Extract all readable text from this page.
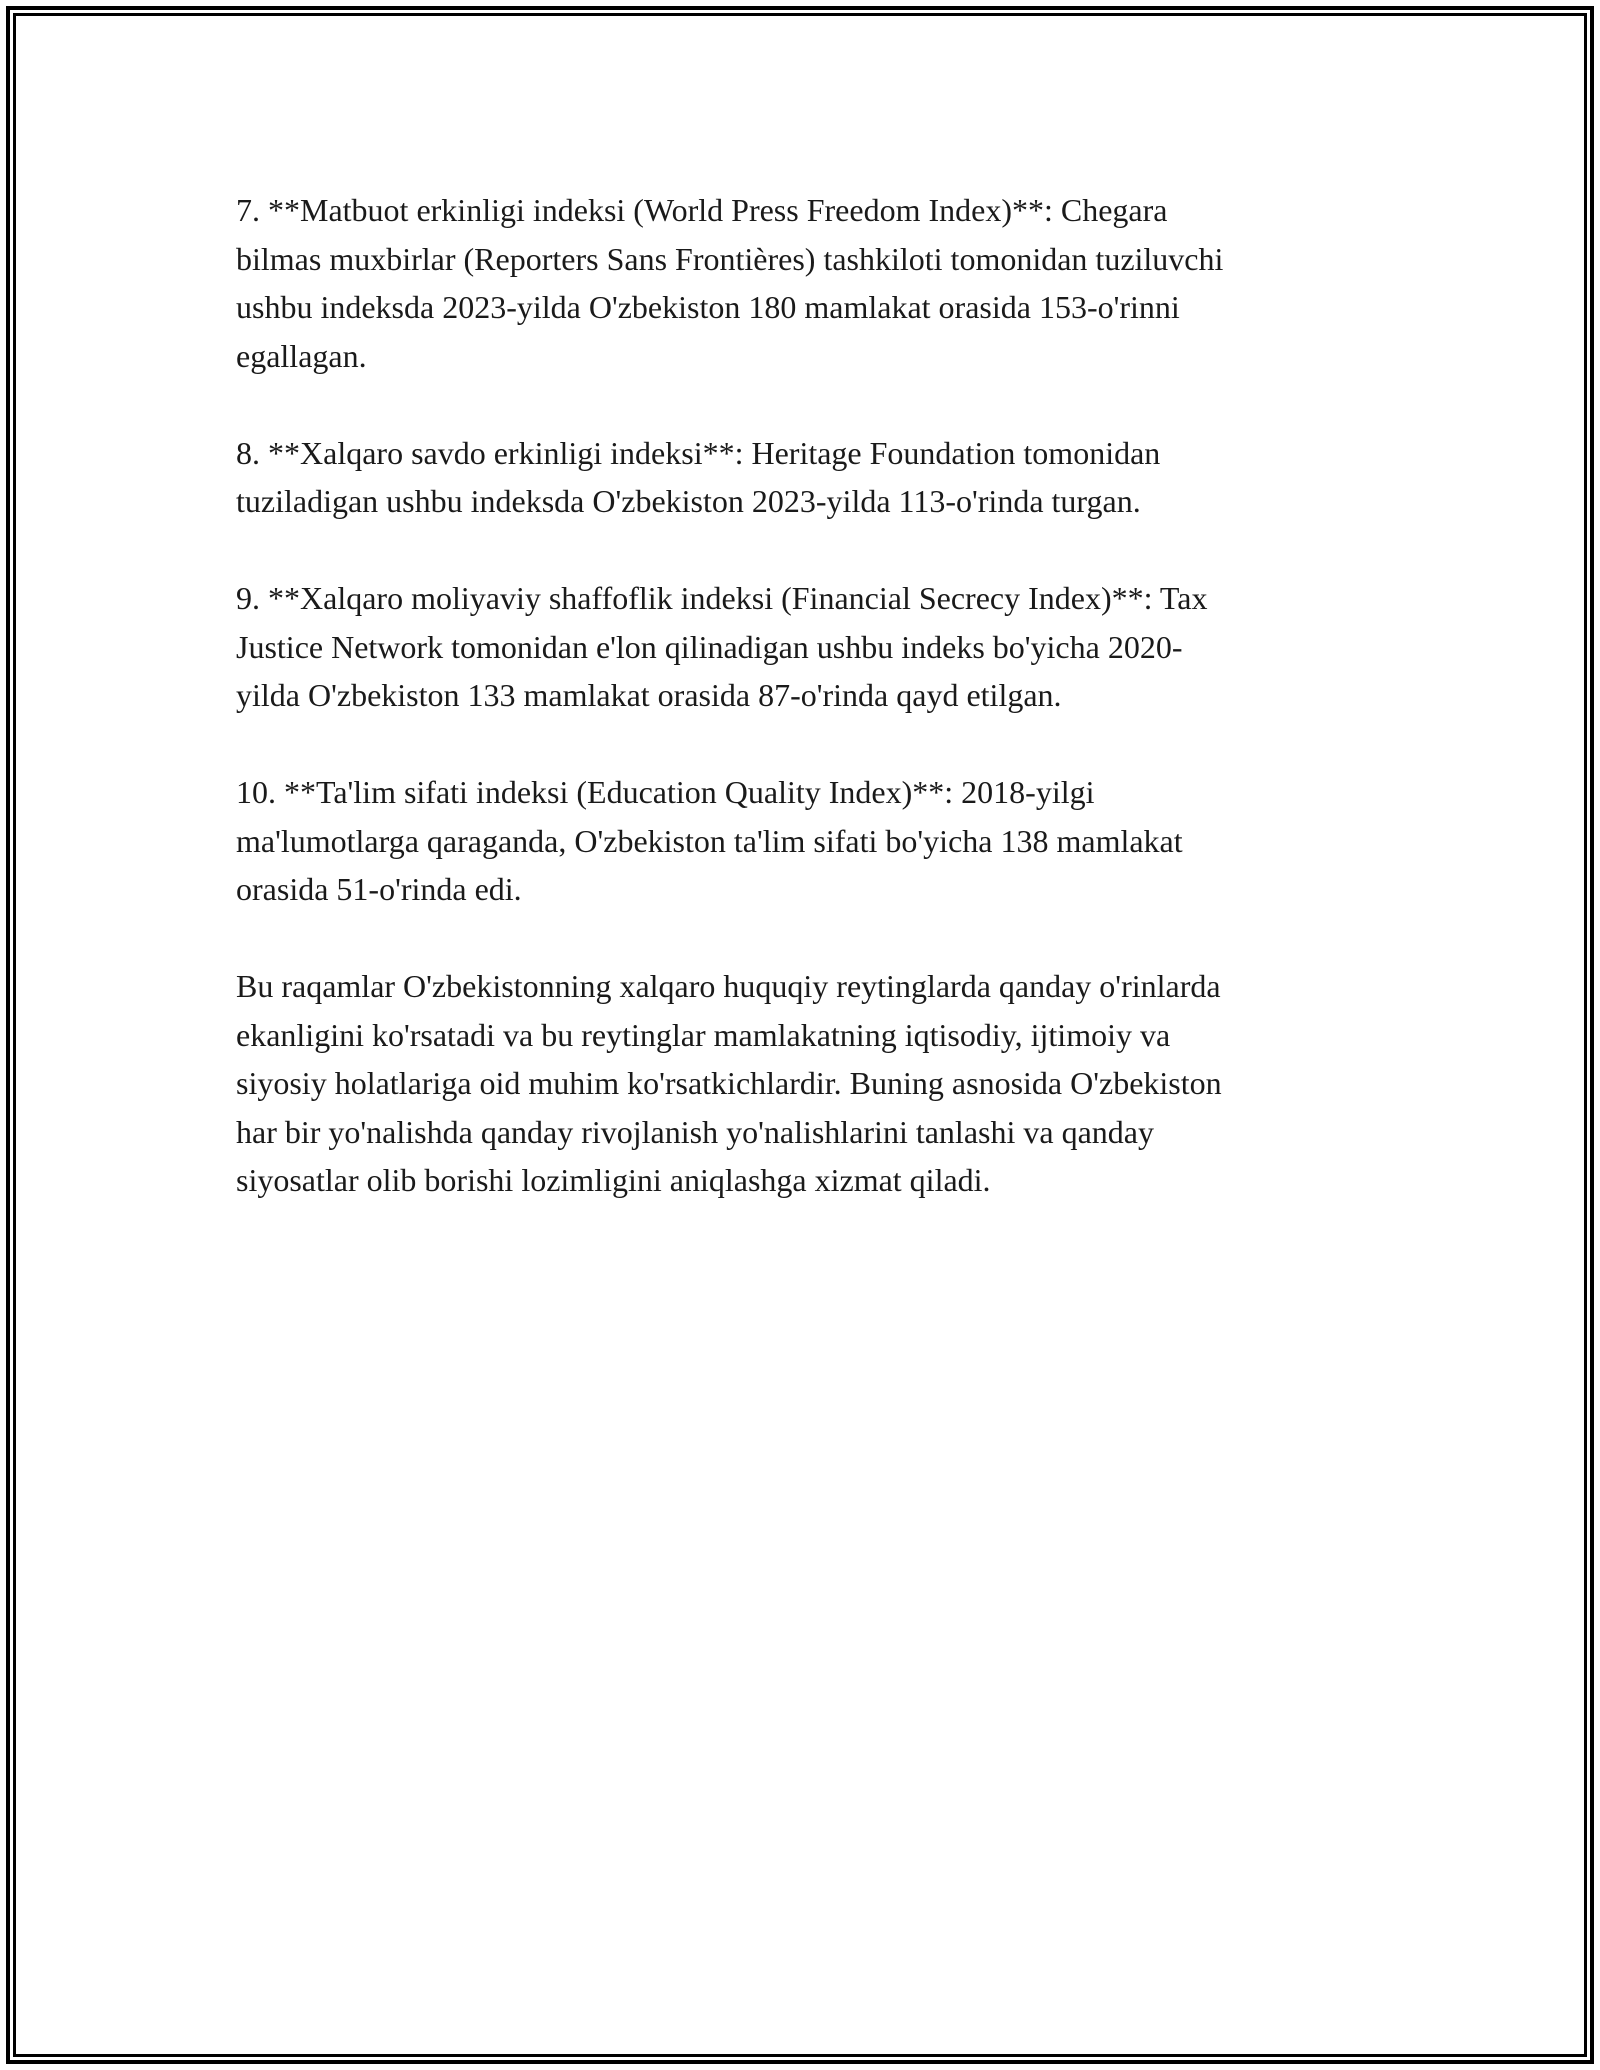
7. **Matbuot erkinligi indeksi (World Press Freedom Index)**: Chegara
bilmas muxbirlar (Reporters Sans Frontières) tashkiloti tomonidan tuziluvchi
ushbu indeksda 2023-yilda O'zbekiston 180 mamlakat orasida 153-o'rinni
egallagan.

8. **Xalqaro savdo erkinligi indeksi**: Heritage Foundation tomonidan
tuziladigan ushbu indeksda O'zbekiston 2023-yilda 113-o'rinda turgan.

9. **Xalqaro moliyaviy shaffoflik indeksi (Financial Secrecy Index)**: Tax
Justice Network tomonidan e'lon qilinadigan ushbu indeks bo'yicha 2020-
yilda O'zbekiston 133 mamlakat orasida 87-o'rinda qayd etilgan.

10. **Ta'lim sifati indeksi (Education Quality Index)**: 2018-yilgi
ma'lumotlarga qaraganda, O'zbekiston ta'lim sifati bo'yicha 138 mamlakat
orasida 51-o'rinda edi.

Bu raqamlar O'zbekistonning xalqaro huquqiy reytinglarda qanday o'rinlarda
ekanligini ko'rsatadi va bu reytinglar mamlakatning iqtisodiy, ijtimoiy va
siyosiy holatlariga oid muhim ko'rsatkichlardir. Buning asnosida O'zbekiston
har bir yo'nalishda qanday rivojlanish yo'nalishlarini tanlashi va qanday
siyosatlar olib borishi lozimligini aniqlashga xizmat qiladi.
